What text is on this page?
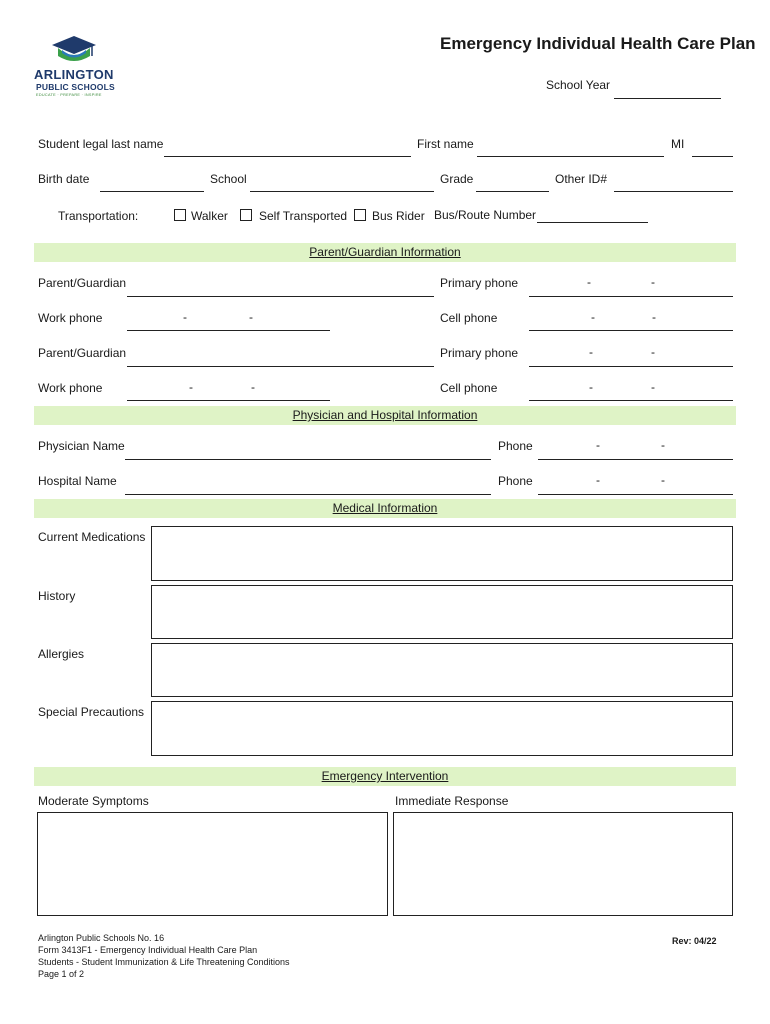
ARLINGTON
PUBLIC SCHOOLS
EDUCATE · PREPARE · INSPIRE
Emergency Individual Health Care Plan
School Year
Student legal last name	First name	MI
Birth date	School	Grade	Other ID#
Transportation:	Walker	Self Transported Bus Rider Bus/Route Number
Parent/Guardian Information
Parent/Guardian	Primary phone	-	-
Work phone	-	-	Cell phone	-	-
Parent/Guardian	Primary phone	-	-
Work phone	-	-	Cell phone	-	-
Physician and Hospital Information
Physician Name	Phone	-	-
Hospital Name	Phone	-	-
Medical Information
Current Medications
History
Allergies
Special Precautions
Emergency Intervention
Moderate Symptoms	Immediate Response
Arlington Public Schools No. 16
Form 3413F1 - Emergency Individual Health Care Plan
Students - Student Immunization & Life Threatening Conditions
Page 1 of 2
Rev: 04/22
